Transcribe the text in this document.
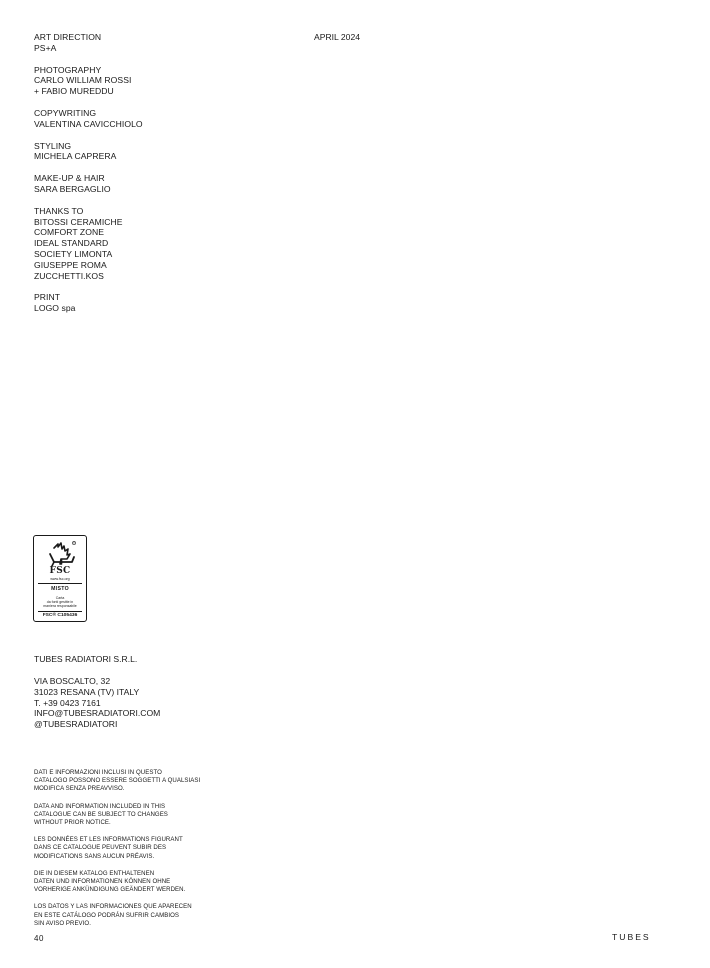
ART DIRECTION
PS+A
PHOTOGRAPHY
CARLO WILLIAM ROSSI
+ FABIO MUREDDU
COPYWRITING
VALENTINA CAVICCHIOLO
STYLING
MICHELA CAPRERA
MAKE-UP & HAIR
SARA BERGAGLIO
THANKS TO
BITOSSI CERAMICHE
COMFORT ZONE
IDEAL STANDARD
SOCIETY LIMONTA
GIUSEPPE ROMA
ZUCCHETTI.KOS
PRINT
LOGO spa
APRIL 2024
®
FSC
www.fsc.org
MISTO
Carta
da fonti gestite in
maniera responsabile
FSC® C105436
TUBES RADIATORI S.R.L.
VIA BOSCALTO, 32
31023 RESANA (TV) ITALY
T. +39 0423 7161
INFO@TUBESRADIATORI.COM
@TUBESRADIATORI
DATI E INFORMAZIONI INCLUSI IN QUESTO
CATALOGO POSSONO ESSERE SOGGETTI A QUALSIASI
MODIFICA SENZA PREAVVISO.
DATA AND INFORMATION INCLUDED IN THIS
CATALOGUE CAN BE SUBJECT TO CHANGES
WITHOUT PRIOR NOTICE.
LES DONNÉES ET LES INFORMATIONS FIGURANT
DANS CE CATALOGUE PEUVENT SUBIR DES
MODIFICATIONS SANS AUCUN PRÉAVIS.
DIE IN DIESEM KATALOG ENTHALTENEN
DATEN UND INFORMATIONEN KÖNNEN OHNE
VORHERIGE ANKÜNDIGUNG GEÄNDERT WERDEN.
LOS DATOS Y LAS INFORMACIONES QUE APARECEN
EN ESTE CATÁLOGO PODRÁN SUFRIR CAMBIOS
SIN AVISO PREVIO.
40	TUBES
